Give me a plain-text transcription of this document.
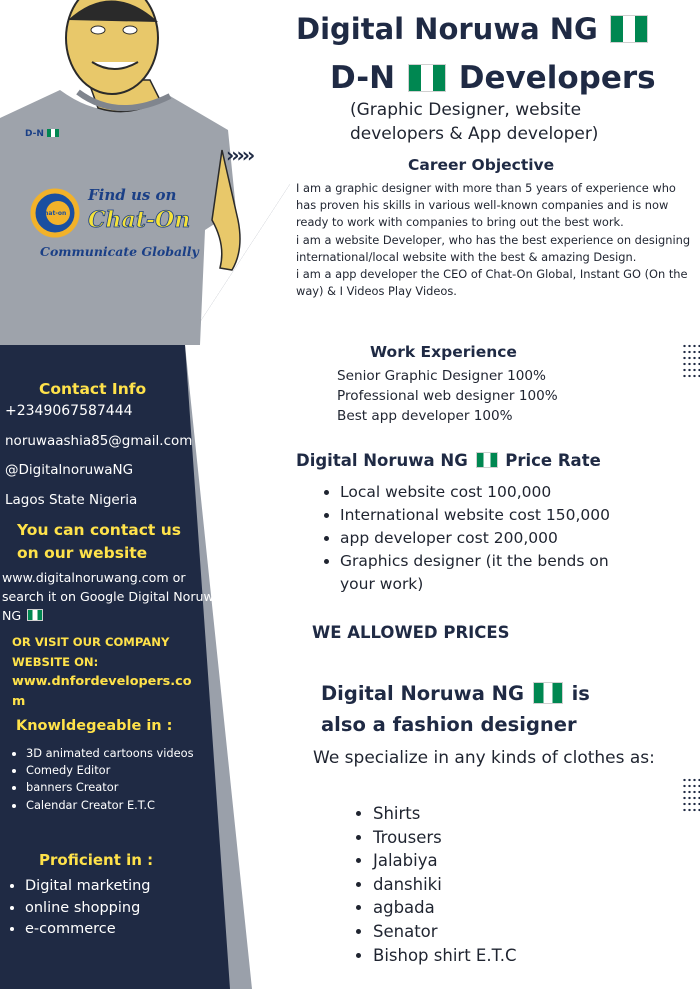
Chat-on
D-N
Find us on
Chat-On
Communicate Globally
›››››
Digital Noruwa NG
D-N Developers
(Graphic Designer, website developers & App developer)
Career Objective
I am a graphic designer with more than 5 years of experience who has proven his skills in various well-known companies and is now ready to work with companies to bring out the best work.
i am a website Developer, who has the best experience on designing international/local website with the best & amazing Design.
i am a app developer the CEO of Chat-On Global, Instant GO (On the way) & I Videos Play Videos.
Work Experience
Senior Graphic Designer 100%
Professional web designer 100%
Best app developer 100%
Digital Noruwa NG Price Rate
• Local website cost 100,000
• International website cost 150,000
• app developer cost 200,000
• Graphics designer (it the bends on your work)
WE ALLOWED PRICES
Digital Noruwa NG is
also a fashion designer
We specialize in any kinds of clothes as:
• Shirts
• Trousers
• Jalabiya
• danshiki
• agbada
• Senator
• Bishop shirt E.T.C
Contact Info
+2349067587444
noruwaashia85@gmail.com
@DigitalnoruwaNG
Lagos State Nigeria
You can contact us
on our website
www.digitalnoruwang.com or search it on Google Digital Noruwa NG
OR VISIT OUR COMPANY WEBSITE ON:
www.dnfordevelopers.com
Knowldegeable in :
• 3D animated cartoons videos
• Comedy Editor
• banners Creator
• Calendar Creator E.T.C
Proficient in :
• Digital marketing
• online shopping
• e-commerce
